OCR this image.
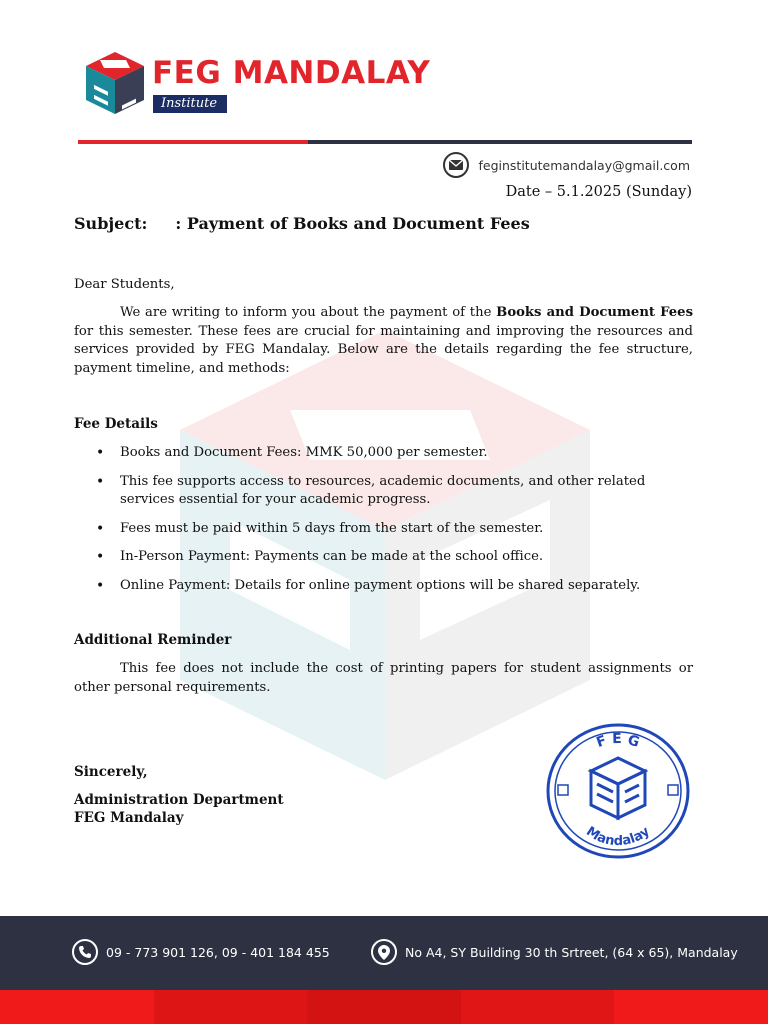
FEG MANDALAY
Institute
feginstitutemandalay@gmail.com
Date – 5.1.2025 (Sunday)
Subject: : Payment of Books and Document Fees
Dear Students,
We are writing to inform you about the payment of the Books and Document Fees for this semester. These fees are crucial for maintaining and improving the resources and services provided by FEG Mandalay. Below are the details regarding the fee structure, payment timeline, and methods:
Fee Details
• Books and Document Fees: MMK 50,000 per semester.
• This fee supports access to resources, academic documents, and other related services essential for your academic progress.
• Fees must be paid within 5 days from the start of the semester.
• In-Person Payment: Payments can be made at the school office.
• Online Payment: Details for online payment options will be shared separately.
Additional Reminder
This fee does not include the cost of printing papers for student assignments or other personal requirements.
Sincerely,
Administration Department
FEG Mandalay
F E G
Mandalay
09 - 773 901 126, 09 - 401 184 455	No A4, SY Building 30 th Srtreet, (64 x 65), Mandalay
